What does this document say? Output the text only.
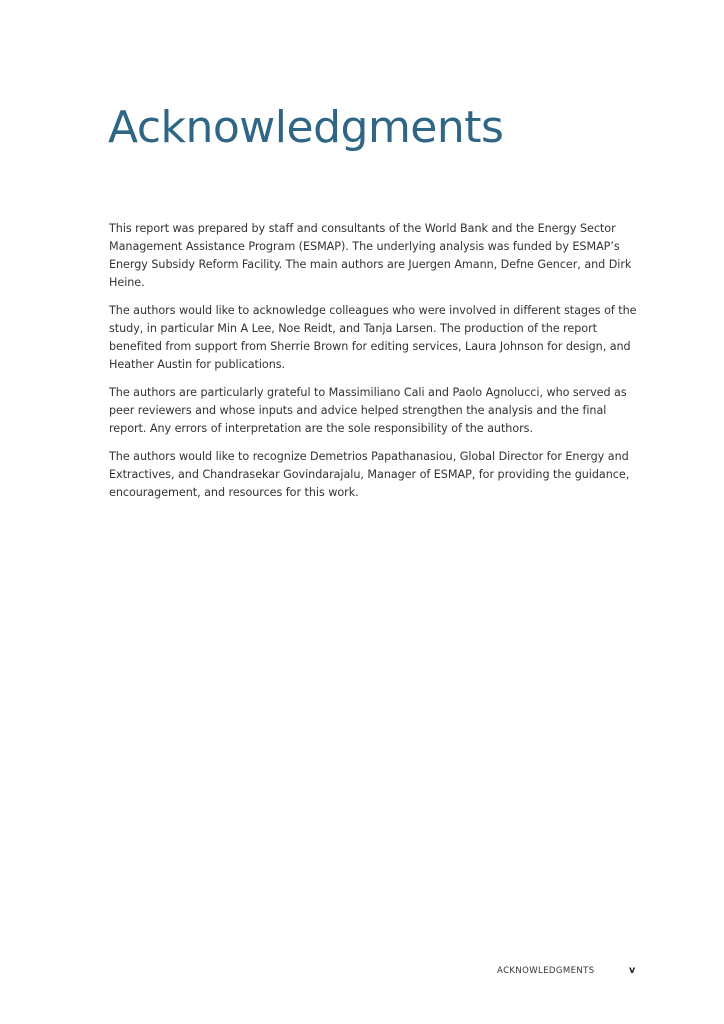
Acknowledgments

This report was prepared by staff and consultants of the World Bank and the Energy Sector Management Assistance Program (ESMAP). The underlying analysis was funded by ESMAP’s Energy Subsidy Reform Facility. The main authors are Juergen Amann, Defne Gencer, and Dirk Heine.

The authors would like to acknowledge colleagues who were involved in different stages of the study, in particular Min A Lee, Noe Reidt, and Tanja Larsen. The production of the report benefited from support from Sherrie Brown for editing services, Laura Johnson for design, and Heather Austin for publications.

The authors are particularly grateful to Massimiliano Cali and Paolo Agnolucci, who served as peer reviewers and whose inputs and advice helped strengthen the analysis and the final report. Any errors of interpretation are the sole responsibility of the authors.

The authors would like to recognize Demetrios Papathanasiou, Global Director for Energy and Extractives, and Chandrasekar Govindarajalu, Manager of ESMAP, for providing the guidance, encouragement, and resources for this work.

ACKNOWLEDGMENTS	v
